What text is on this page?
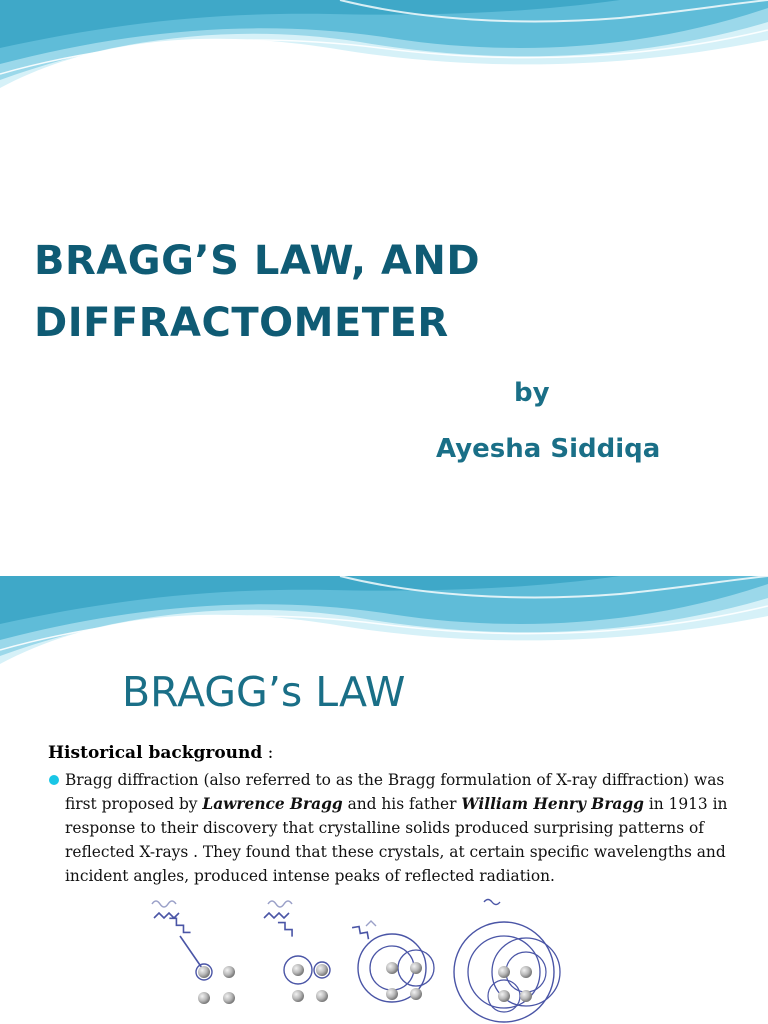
BRAGG’S LAW, AND
DIFFRACTOMETER
by
Ayesha Siddiqa
BRAGG’s LAW
Historical background :

Bragg diffraction (also referred to as the Bragg formulation of X-ray diffraction) was first proposed by Lawrence Bragg and his father William Henry Bragg in 1913 in response to their discovery that crystalline solids produced surprising patterns of reflected X-rays . They found that these crystals, at certain specific wavelengths and incident angles, produced intense peaks of reflected radiation.
